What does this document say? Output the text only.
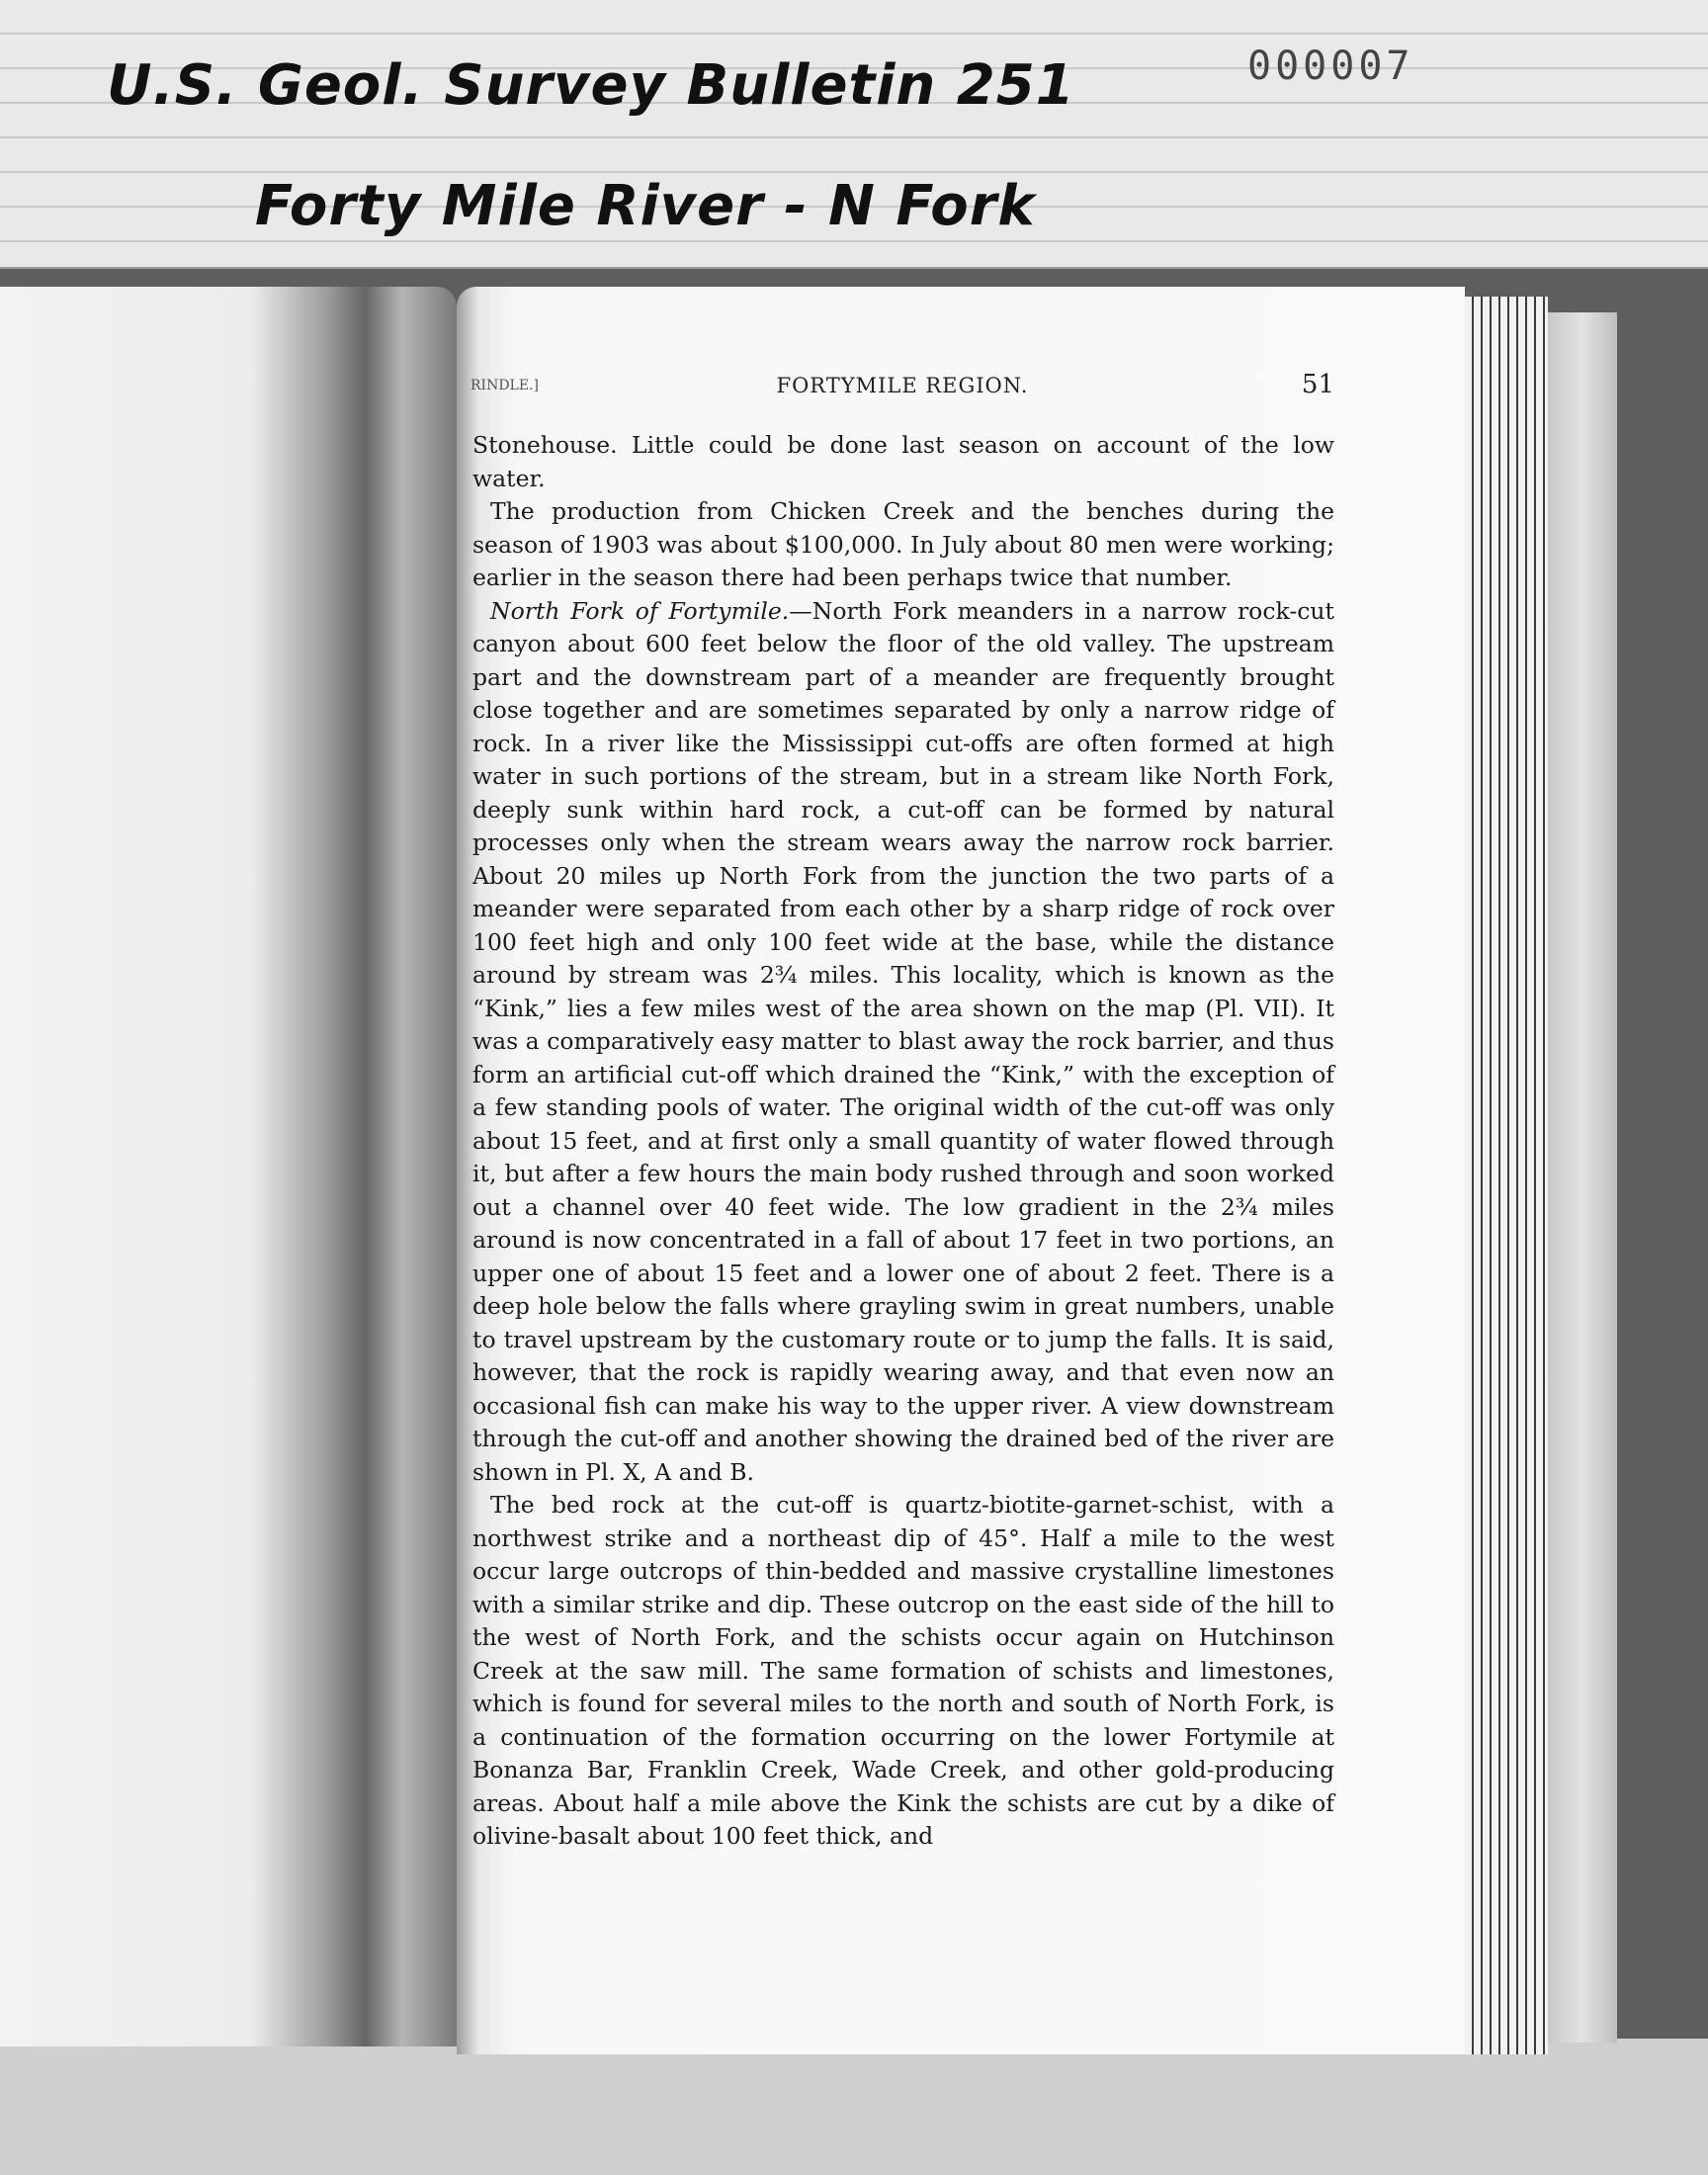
U.S. Geol. Survey Bulletin 251
Forty Mile River - N Fork
000007
RINDLE.]	FORTYMILE REGION.	51

Stonehouse. Little could be done last season on account of the low water.

The production from Chicken Creek and the benches during the season of 1903 was about $100,000. In July about 80 men were working; earlier in the season there had been perhaps twice that number.

North Fork of Fortymile.—North Fork meanders in a narrow rock-cut canyon about 600 feet below the floor of the old valley. The upstream part and the downstream part of a meander are frequently brought close together and are sometimes separated by only a narrow ridge of rock. In a river like the Mississippi cut-offs are often formed at high water in such portions of the stream, but in a stream like North Fork, deeply sunk within hard rock, a cut-off can be formed by natural processes only when the stream wears away the narrow rock barrier. About 20 miles up North Fork from the junction the two parts of a meander were separated from each other by a sharp ridge of rock over 100 feet high and only 100 feet wide at the base, while the distance around by stream was 2¾ miles. This locality, which is known as the “Kink,” lies a few miles west of the area shown on the map (Pl. VII). It was a comparatively easy matter to blast away the rock barrier, and thus form an artificial cut-off which drained the “Kink,” with the exception of a few standing pools of water. The original width of the cut-off was only about 15 feet, and at first only a small quantity of water flowed through it, but after a few hours the main body rushed through and soon worked out a channel over 40 feet wide. The low gradient in the 2¾ miles around is now concentrated in a fall of about 17 feet in two portions, an upper one of about 15 feet and a lower one of about 2 feet. There is a deep hole below the falls where grayling swim in great numbers, unable to travel upstream by the customary route or to jump the falls. It is said, however, that the rock is rapidly wearing away, and that even now an occasional fish can make his way to the upper river. A view downstream through the cut-off and another showing the drained bed of the river are shown in Pl. X, A and B.

The bed rock at the cut-off is quartz-biotite-garnet-schist, with a northwest strike and a northeast dip of 45°. Half a mile to the west occur large outcrops of thin-bedded and massive crystalline limestones with a similar strike and dip. These outcrop on the east side of the hill to the west of North Fork, and the schists occur again on Hutchinson Creek at the saw mill. The same formation of schists and limestones, which is found for several miles to the north and south of North Fork, is a continuation of the formation occurring on the lower Fortymile at Bonanza Bar, Franklin Creek, Wade Creek, and other gold-producing areas. About half a mile above the Kink the schists are cut by a dike of olivine-basalt about 100 feet thick, and
